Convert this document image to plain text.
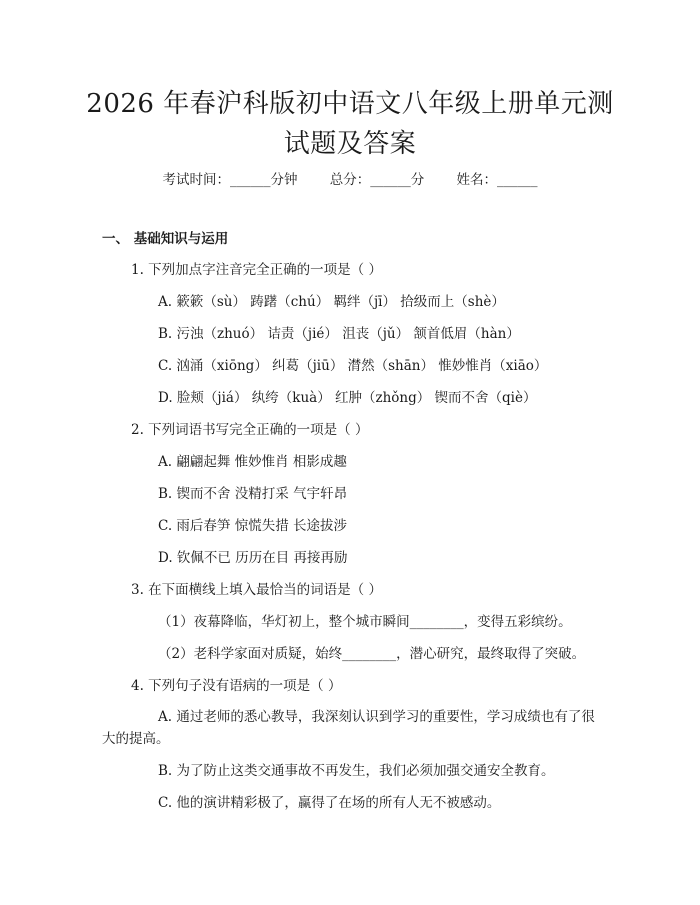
2026 年春沪科版初中语文八年级上册单元测
试题及答案
考试时间：______分钟 总分：______分 姓名：______
一、 基础知识与运用
1. 下列加点字注音完全正确的一项是（ ）
A. 簌簌（sù） 踌躇（chú） 羁绊（jī） 拾级而上（shè）
B. 污浊（zhuó） 诘责（jié） 沮丧（jǔ） 颔首低眉（hàn）
C. 汹涌（xiōng） 纠葛（jiū） 潸然（shān） 惟妙惟肖（xiāo）
D. 脸颊（jiá） 纨绔（kuà） 红肿（zhǒng） 锲而不舍（qiè）
2. 下列词语书写完全正确的一项是（ ）
A. 翩翩起舞 惟妙惟肖 相影成趣
B. 锲而不舍 没精打采 气宇轩昂
C. 雨后春笋 惊慌失措 长途拔涉
D. 钦佩不已 历历在目 再接再励
3. 在下面横线上填入最恰当的词语是（ ）
（1）夜幕降临，华灯初上，整个城市瞬间________，变得五彩缤纷。
（2）老科学家面对质疑，始终________，潜心研究，最终取得了突破。
4. 下列句子没有语病的一项是（ ）
A. 通过老师的悉心教导，我深刻认识到学习的重要性，学习成绩也有了很大的提高。
B. 为了防止这类交通事故不再发生，我们必须加强交通安全教育。
C. 他的演讲精彩极了，赢得了在场的所有人无不被感动。
